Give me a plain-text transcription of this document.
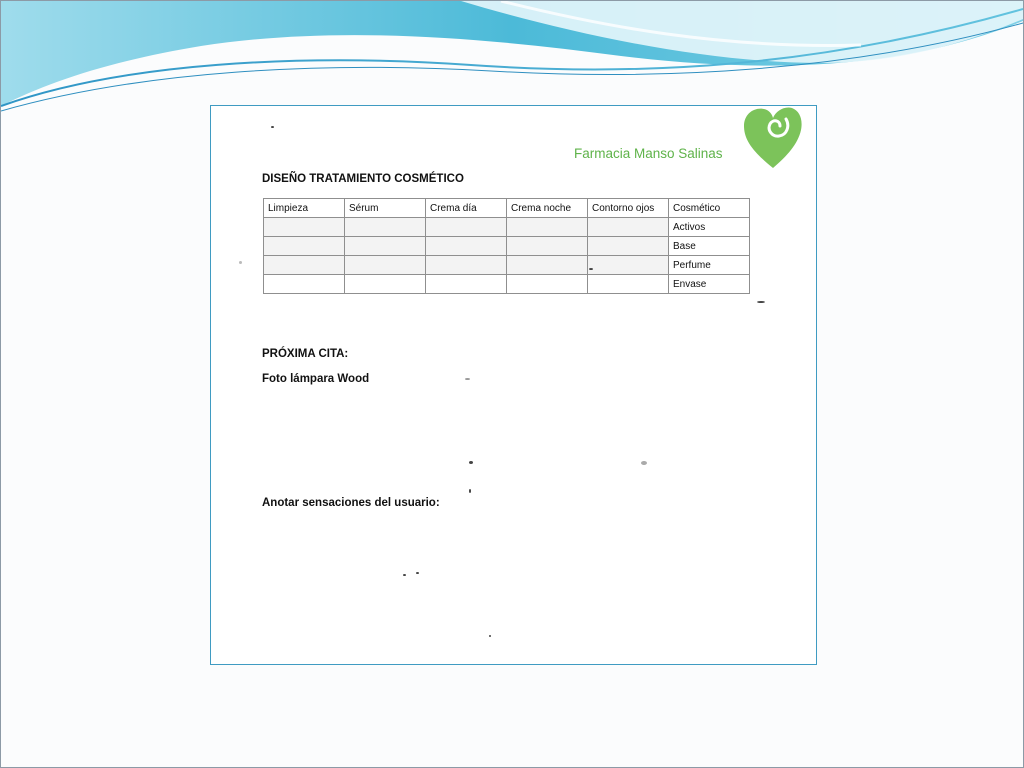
Farmacia Manso Salinas
DISEÑO TRATAMIENTO COSMÉTICO
Limpieza	Sérum	Crema día	Crema noche	Contorno ojos	Cosmético
					Activos
					Base
					Perfume
					Envase
PRÓXIMA CITA:
Foto lámpara Wood
Anotar sensaciones del usuario:
